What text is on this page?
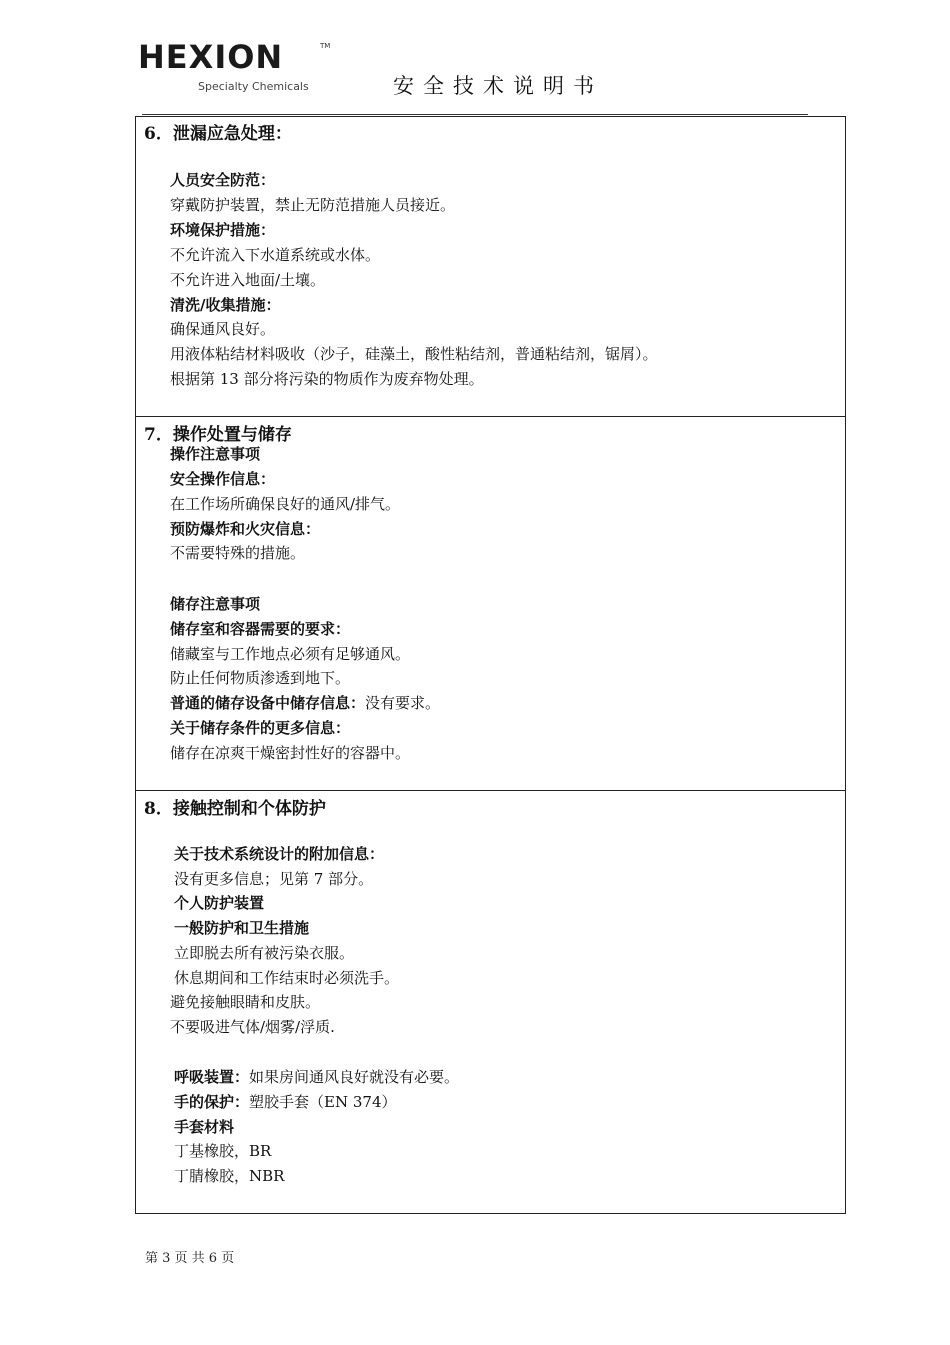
HEXION	TM
Specialty Chemicals	安全技术说明书
6．泄漏应急处理：
人员安全防范：
穿戴防护装置，禁止无防范措施人员接近。
环境保护措施：
不允许流入下水道系统或水体。
不允许进入地面/土壤。
清洗/收集措施：
确保通风良好。
用液体粘结材料吸收（沙子，硅藻土，酸性粘结剂，普通粘结剂，锯屑）。
根据第 13 部分将污染的物质作为废弃物处理。
7．操作处置与储存
操作注意事项
安全操作信息：
在工作场所确保良好的通风/排气。
预防爆炸和火灾信息：
不需要特殊的措施。
储存注意事项
储存室和容器需要的要求：
储藏室与工作地点必须有足够通风。
防止任何物质渗透到地下。
普通的储存设备中储存信息：没有要求。
关于储存条件的更多信息：
储存在凉爽干燥密封性好的容器中。
8．接触控制和个体防护
关于技术系统设计的附加信息：
没有更多信息；见第 7 部分。
个人防护装置
一般防护和卫生措施
立即脱去所有被污染衣服。
休息期间和工作结束时必须洗手。
避免接触眼睛和皮肤。
不要吸进气体/烟雾/浮质.
呼吸装置：如果房间通风良好就没有必要。
手的保护：塑胶手套（EN 374）
手套材料
丁基橡胶，BR
丁腈橡胶，NBR
第 3 页 共 6 页
